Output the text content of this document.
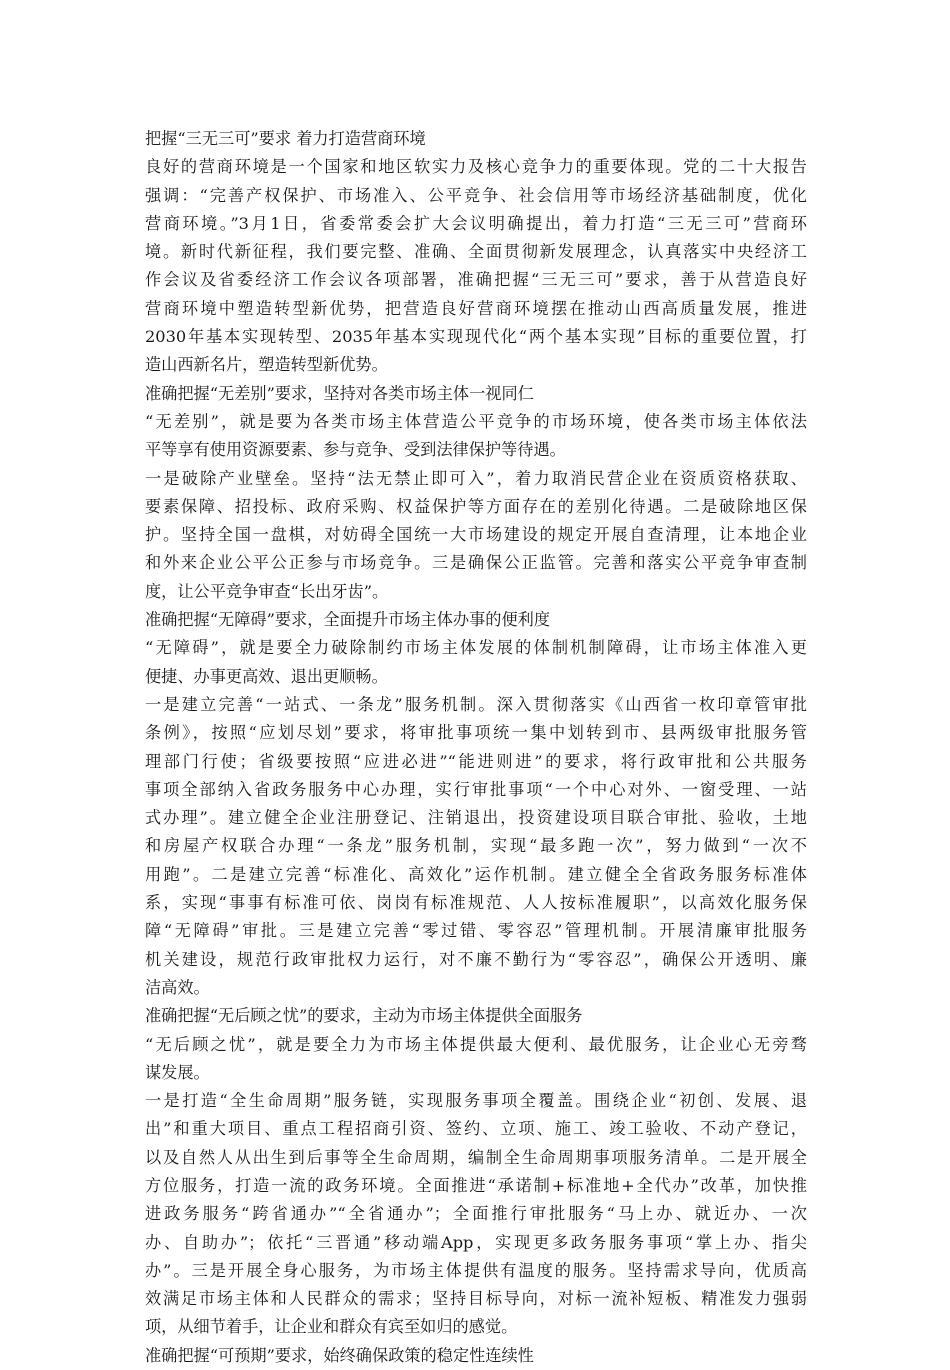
把握“三无三可”要求 着力打造营商环境
良好的营商环境是一个国家和地区软实力及核心竞争力的重要体现。党的二十大报告
强调：“完善产权保护、市场准入、公平竞争、社会信用等市场经济基础制度，优化
营商环境。”3月1日，省委常委会扩大会议明确提出，着力打造“三无三可”营商环
境。新时代新征程，我们要完整、准确、全面贯彻新发展理念，认真落实中央经济工
作会议及省委经济工作会议各项部署，准确把握“三无三可”要求，善于从营造良好
营商环境中塑造转型新优势，把营造良好营商环境摆在推动山西高质量发展，推进
2030年基本实现转型、2035年基本实现现代化“两个基本实现”目标的重要位置，打
造山西新名片，塑造转型新优势。
准确把握“无差别”要求，坚持对各类市场主体一视同仁
“无差别”，就是要为各类市场主体营造公平竞争的市场环境，使各类市场主体依法
平等享有使用资源要素、参与竞争、受到法律保护等待遇。
一是破除产业壁垒。坚持“法无禁止即可入”，着力取消民营企业在资质资格获取、
要素保障、招投标、政府采购、权益保护等方面存在的差别化待遇。二是破除地区保
护。坚持全国一盘棋，对妨碍全国统一大市场建设的规定开展自查清理，让本地企业
和外来企业公平公正参与市场竞争。三是确保公正监管。完善和落实公平竞争审查制
度，让公平竞争审查“长出牙齿”。
准确把握“无障碍”要求，全面提升市场主体办事的便利度
“无障碍”，就是要全力破除制约市场主体发展的体制机制障碍，让市场主体准入更
便捷、办事更高效、退出更顺畅。
一是建立完善“一站式、一条龙”服务机制。深入贯彻落实《山西省一枚印章管审批
条例》，按照“应划尽划”要求，将审批事项统一集中划转到市、县两级审批服务管
理部门行使；省级要按照“应进必进”“能进则进”的要求，将行政审批和公共服务
事项全部纳入省政务服务中心办理，实行审批事项“一个中心对外、一窗受理、一站
式办理”。建立健全企业注册登记、注销退出，投资建设项目联合审批、验收，土地
和房屋产权联合办理“一条龙”服务机制，实现“最多跑一次”，努力做到“一次不
用跑”。二是建立完善“标准化、高效化”运作机制。建立健全全省政务服务标准体
系，实现“事事有标准可依、岗岗有标准规范、人人按标准履职”，以高效化服务保
障“无障碍”审批。三是建立完善“零过错、零容忍”管理机制。开展清廉审批服务
机关建设，规范行政审批权力运行，对不廉不勤行为“零容忍”，确保公开透明、廉
洁高效。
准确把握“无后顾之忧”的要求，主动为市场主体提供全面服务
“无后顾之忧”，就是要全力为市场主体提供最大便利、最优服务，让企业心无旁骛
谋发展。
一是打造“全生命周期”服务链，实现服务事项全覆盖。围绕企业“初创、发展、退
出”和重大项目、重点工程招商引资、签约、立项、施工、竣工验收、不动产登记，
以及自然人从出生到后事等全生命周期，编制全生命周期事项服务清单。二是开展全
方位服务，打造一流的政务环境。全面推进“承诺制+标准地+全代办”改革，加快推
进政务服务“跨省通办”“全省通办”；全面推行审批服务“马上办、就近办、一次
办、自助办”；依托“三晋通”移动端App，实现更多政务服务事项“掌上办、指尖
办”。三是开展全身心服务，为市场主体提供有温度的服务。坚持需求导向，优质高
效满足市场主体和人民群众的需求；坚持目标导向，对标一流补短板、精准发力强弱
项，从细节着手，让企业和群众有宾至如归的感觉。
准确把握“可预期”要求，始终确保政策的稳定性连续性
